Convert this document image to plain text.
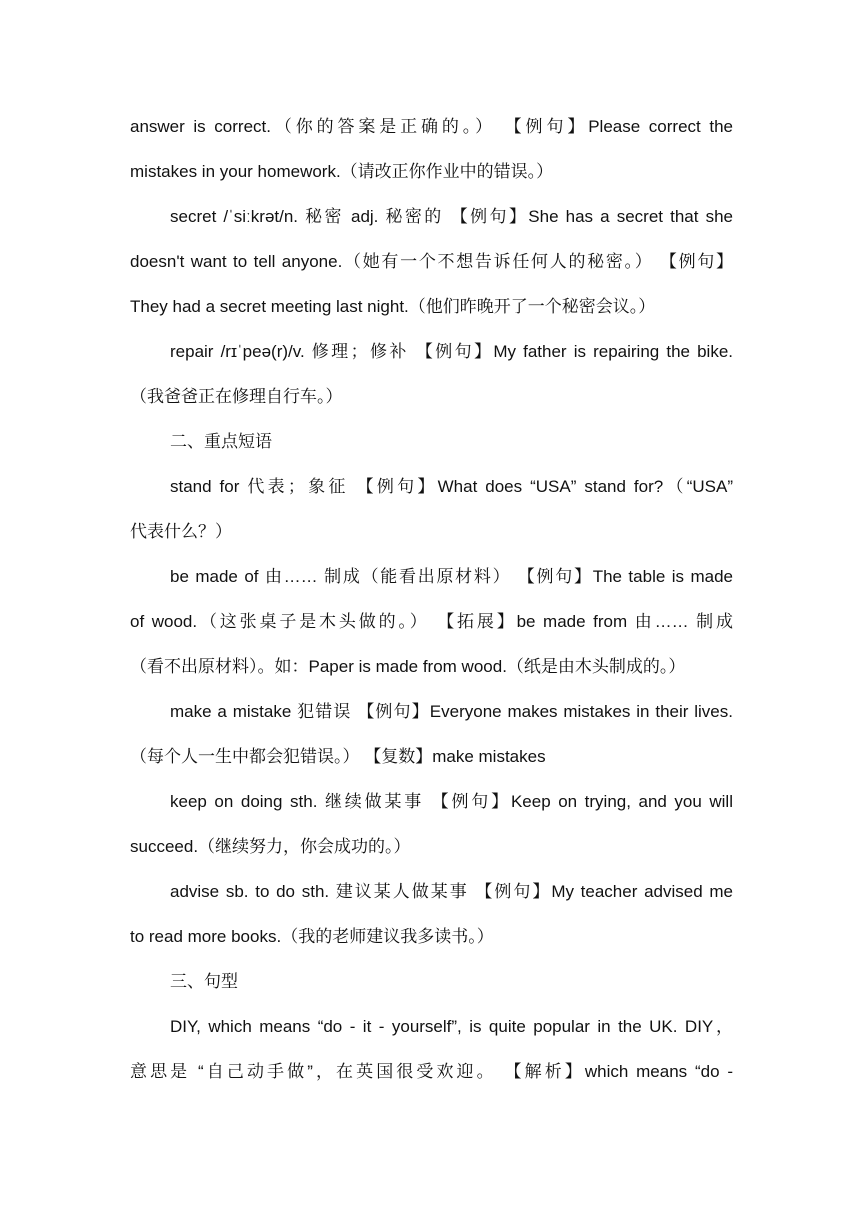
answer is correct.（你的答案是正确的。） 【例句】Please correct the
mistakes in your homework.（请改正你作业中的错误。）
secret /ˈsiːkrət/n. 秘密 adj. 秘密的 【例句】She has a secret that she
doesn't want to tell anyone.（她有一个不想告诉任何人的秘密。） 【例句】
They had a secret meeting last night.（他们昨晚开了一个秘密会议。）
repair /rɪˈpeə(r)/v. 修理；修补 【例句】My father is repairing the bike.
（我爸爸正在修理自行车。）
二、重点短语
stand for 代表；象征 【例句】What does “USA” stand for?（“USA”
代表什么？）
be made of 由…… 制成（能看出原材料） 【例句】The table is made
of wood.（这张桌子是木头做的。） 【拓展】be made from 由…… 制成
（看不出原材料）。如：Paper is made from wood.（纸是由木头制成的。）
make a mistake 犯错误 【例句】Everyone makes mistakes in their lives.
（每个人一生中都会犯错误。） 【复数】make mistakes
keep on doing sth. 继续做某事 【例句】Keep on trying, and you will
succeed.（继续努力，你会成功的。）
advise sb. to do sth. 建议某人做某事 【例句】My teacher advised me
to read more books.（我的老师建议我多读书。）
三、句型
DIY, which means “do - it - yourself”, is quite popular in the UK. DIY，
意思是 “自己动手做”，在英国很受欢迎。 【解析】which means “do -
